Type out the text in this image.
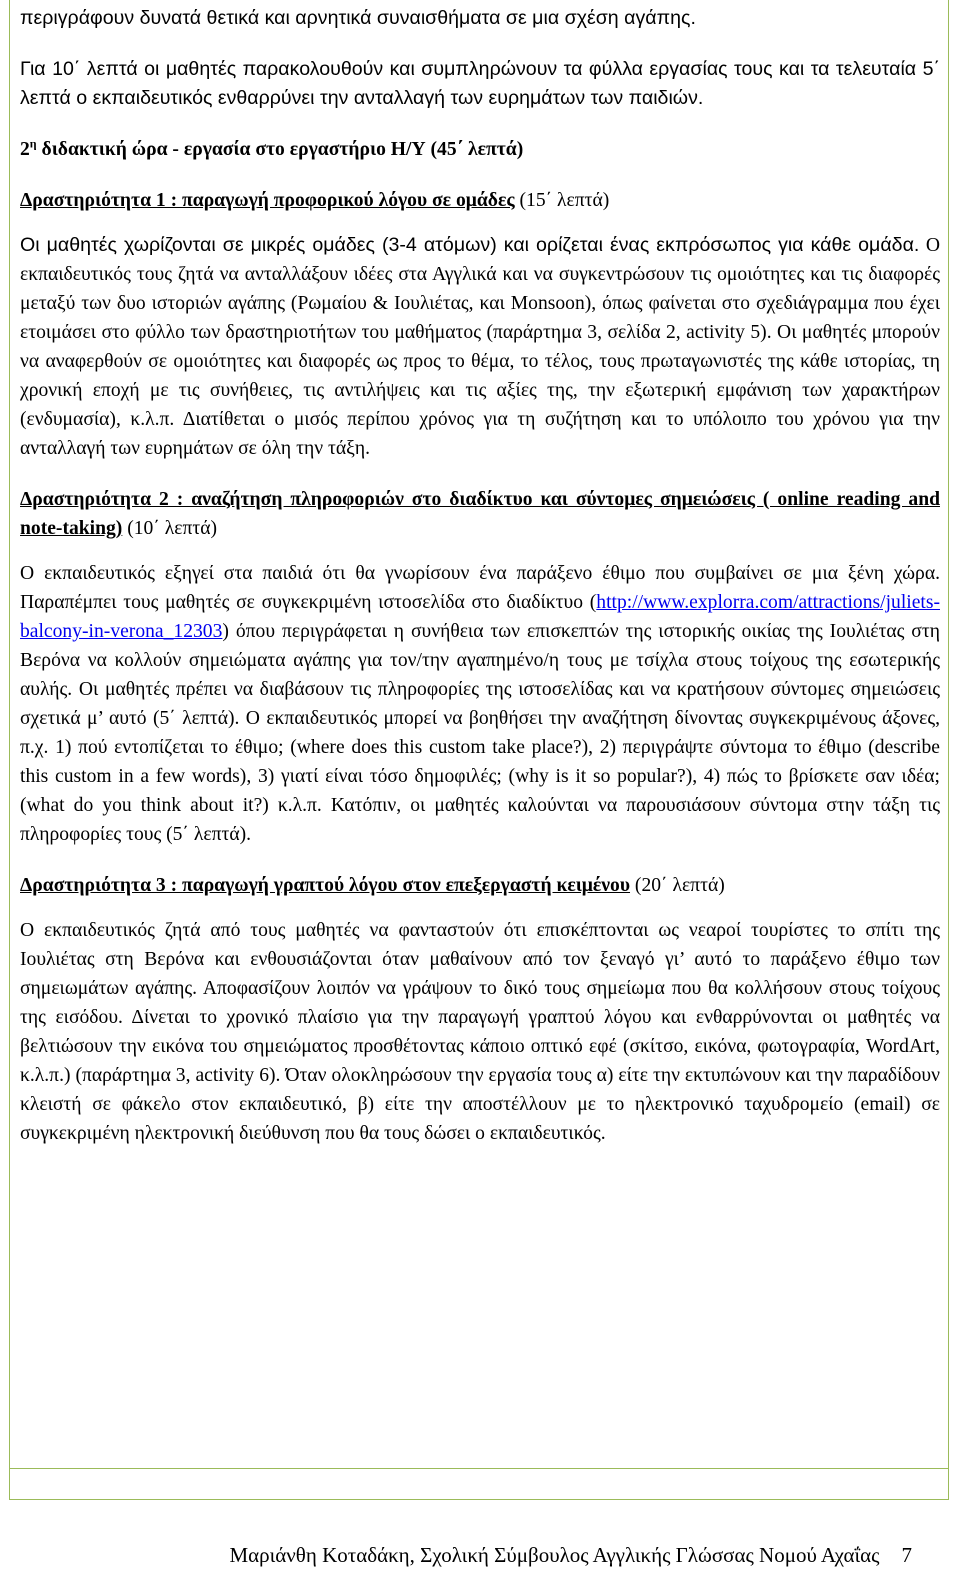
περιγράφουν δυνατά θετικά και αρνητικά συναισθήματα σε μια σχέση αγάπης.

Για 10΄ λεπτά οι μαθητές παρακολουθούν και συμπληρώνουν τα φύλλα εργασίας τους και τα τελευταία 5΄ λεπτά ο εκπαιδευτικός ενθαρρύνει την ανταλλαγή των ευρημάτων των παιδιών.

$2^\eta$ διδακτική ώρα - εργασία στο εργαστήριο Η/Υ (45΄ λεπτά)

Δραστηριότητα 1 : παραγωγή προφορικού λόγου σε ομάδες (15΄ λεπτά)

Οι μαθητές χωρίζονται σε μικρές ομάδες (3-4 ατόμων) και ορίζεται ένας εκπρόσωπος για κάθε ομάδα. Ο εκπαιδευτικός τους ζητά να ανταλλάξουν ιδέες στα Αγγλικά και να συγκεντρώσουν τις ομοιότητες και τις διαφορές μεταξύ των δυο ιστοριών αγάπης (Ρωμαίου & Ιουλιέτας, και Monsoon), όπως φαίνεται στο σχεδιάγραμμα που έχει ετοιμάσει στο φύλλο των δραστηριοτήτων του μαθήματος (παράρτημα 3, σελίδα 2, activity 5). Οι μαθητές μπορούν να αναφερθούν σε ομοιότητες και διαφορές ως προς το θέμα, το τέλος, τους πρωταγωνιστές της κάθε ιστορίας, τη χρονική εποχή με τις συνήθειες, τις αντιλήψεις και τις αξίες της, την εξωτερική εμφάνιση των χαρακτήρων (ενδυμασία), κ.λ.π. Διατίθεται ο μισός περίπου χρόνος για τη συζήτηση και το υπόλοιπο του χρόνου για την ανταλλαγή των ευρημάτων σε όλη την τάξη.

Δραστηριότητα 2 : αναζήτηση πληροφοριών στο διαδίκτυο και σύντομες σημειώσεις ( online reading and note-taking) (10΄ λεπτά)

Ο εκπαιδευτικός εξηγεί στα παιδιά ότι θα γνωρίσουν ένα παράξενο έθιμο που συμβαίνει σε μια ξένη χώρα. Παραπέμπει τους μαθητές σε συγκεκριμένη ιστοσελίδα στο διαδίκτυο (http://www.explorra.com/attractions/juliets-balcony-in-verona_12303) όπου περιγράφεται η συνήθεια των επισκεπτών της ιστορικής οικίας της Ιουλιέτας στη Βερόνα να κολλούν σημειώματα αγάπης για τον/την αγαπημένο/η τους με τσίχλα στους τοίχους της εσωτερικής αυλής. Οι μαθητές πρέπει να διαβάσουν τις πληροφορίες της ιστοσελίδας και να κρατήσουν σύντομες σημειώσεις σχετικά μ’ αυτό (5΄ λεπτά). Ο εκπαιδευτικός μπορεί να βοηθήσει την αναζήτηση δίνοντας συγκεκριμένους άξονες, π.χ. 1) πού εντοπίζεται το έθιμο; (where does this custom take place?), 2) περιγράψτε σύντομα το έθιμο (describe this custom in a few words), 3) γιατί είναι τόσο δημοφιλές; (why is it so popular?), 4) πώς το βρίσκετε σαν ιδέα; (what do you think about it?) κ.λ.π. Κατόπιν, οι μαθητές καλούνται να παρουσιάσουν σύντομα στην τάξη τις πληροφορίες τους (5΄ λεπτά).

Δραστηριότητα 3 : παραγωγή γραπτού λόγου στον επεξεργαστή κειμένου (20΄ λεπτά)

Ο εκπαιδευτικός ζητά από τους μαθητές να φανταστούν ότι επισκέπτονται ως νεαροί τουρίστες το σπίτι της Ιουλιέτας στη Βερόνα και ενθουσιάζονται όταν μαθαίνουν από τον ξεναγό γι’ αυτό το παράξενο έθιμο των σημειωμάτων αγάπης. Αποφασίζουν λοιπόν να γράψουν το δικό τους σημείωμα που θα κολλήσουν στους τοίχους της εισόδου. Δίνεται το χρονικό πλαίσιο για την παραγωγή γραπτού λόγου και ενθαρρύνονται οι μαθητές να βελτιώσουν την εικόνα του σημειώματος προσθέτοντας κάποιο οπτικό εφέ (σκίτσο, εικόνα, φωτογραφία, WordArt, κ.λ.π.) (παράρτημα 3, activity 6). Όταν ολοκληρώσουν την εργασία τους α) είτε την εκτυπώνουν και την παραδίδουν κλειστή σε φάκελο στον εκπαιδευτικό, β) είτε την αποστέλλουν με το ηλεκτρονικό ταχυδρομείο (email) σε συγκεκριμένη ηλεκτρονική διεύθυνση που θα τους δώσει ο εκπαιδευτικός.

Μαριάνθη Κοταδάκη, Σχολική Σύμβουλος Αγγλικής Γλώσσας Νομού Αχαΐας 7
